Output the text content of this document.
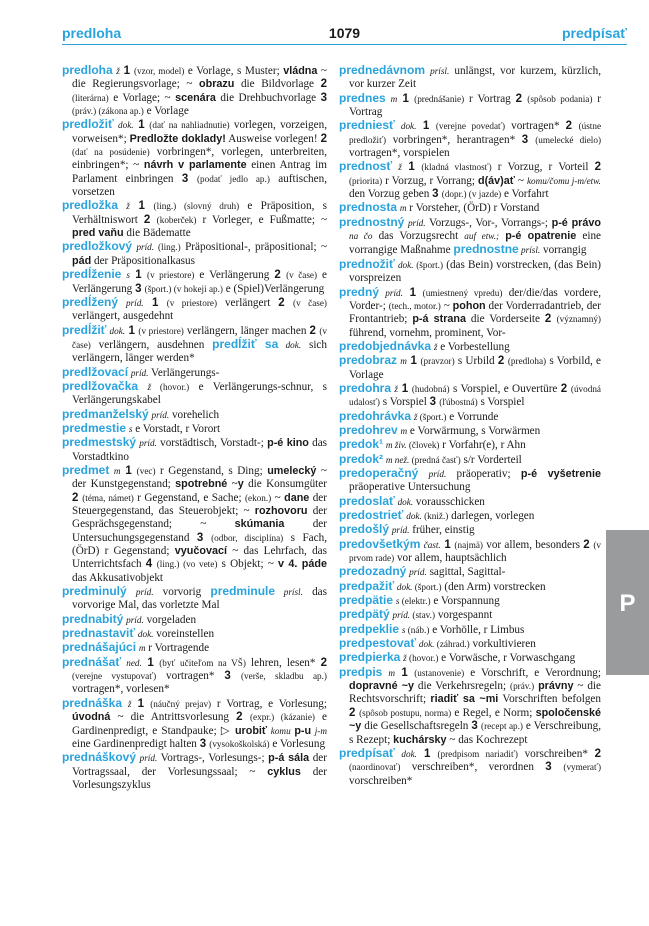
predloha	1079	predpísať

predloha ž 1 (vzor, model) e Vorlage, s Muster; vládna ~ die Regierungsvorlage; ~ obrazu die Bildvorlage 2 (literárna) e Vorlage; ~ scenára die Drehbuchvorlage 3 (práv.) (zákona ap.) e Vorlage

predložiť dok. 1 (dať na nahliadnutie) vorlegen, vorzeigen, vorweisen*; Predložte doklady! Ausweise vorlegen! 2 (dať na posúdenie) vorbringen*, vorlegen, unterbreiten, einbringen*; ~ návrh v parlamente einen Antrag im Parlament einbringen 3 (podať jedlo ap.) auftischen, vorsetzen

predložka ž 1 (ling.) (slovný druh) e Präposition, s Verhältniswort 2 (koberček) r Vorleger, e Fußmatte; ~ pred vaňu die Bädematte

predložkový príd. (ling.) Präpositional-, präpositional; ~ pád der Präpositionalkasus

predĺženie s 1 (v priestore) e Verlängerung 2 (v čase) e Verlängerung 3 (šport.) (v hokeji ap.) e (Spiel)Verlängerung

predĺžený príd. 1 (v priestore) verlängert 2 (v čase) verlängert, ausgedehnt

predĺžiť dok. 1 (v priestore) verlängern, länger machen 2 (v čase) verlängern, ausdehnen predĺžiť sa dok. sich verlängern, länger werden*

predlžovací príd. Verlängerungs-

predlžovačka ž (hovor.) e Verlängerungs-schnur, s Verlängerungskabel

predmanželský príd. vorehelich

predmestie s e Vorstadt, r Vorort

predmestský príd. vorstädtisch, Vorstadt-; p-é kino das Vorstadtkino

predmet m 1 (vec) r Gegenstand, s Ding; umelecký ~ der Kunstgegenstand; spotrebné ~y die Konsumgüter 2 (téma, námet) r Gegenstand, e Sache; (ekon.) ~ dane der Steuergegenstand, das Steuerobjekt; ~ rozhovoru der Gesprächsgegenstand; ~ skúmania der Untersuchungsgegenstand 3 (odbor, disciplína) s Fach, (ÖrD) r Gegenstand; vyučovací ~ das Lehrfach, das Unterrichtsfach 4 (ling.) (vo vete) s Objekt; ~ v 4. páde das Akkusativobjekt

predminulý príd. vorvorig predminule prísl. das vorvorige Mal, das vorletzte Mal

prednabitý príd. vorgeladen

prednastaviť dok. voreinstellen

prednášajúci m r Vortragende

prednášať ned. 1 (byť učiteľom na VŠ) lehren, lesen* 2 (verejne vystupovať) vortragen* 3 (verše, skladbu ap.) vortragen*, vorlesen*

prednáška ž 1 (náučný prejav) r Vortrag, e Vorlesung; úvodná ~ die Antrittsvorlesung 2 (expr.) (kázanie) e Gardinenpredigt, e Standpauke; ▷ urobiť komu p-u j-m eine Gardinenpredigt halten 3 (vysokoškolská) e Vorlesung

prednáškový príd. Vortrags-, Vorlesungs-; p-á sála der Vortragssaal, der Vorlesungssaal; ~ cyklus der Vorlesungszyklus

prednedávnom prísl. unlängst, vor kurzem, kürzlich, vor kurzer Zeit

prednes m 1 (prednášanie) r Vortrag 2 (spôsob podania) r Vortrag

predniesť dok. 1 (verejne povedať) vortragen* 2 (ústne predložiť) vorbringen*, herantragen* 3 (umelecké dielo) vortragen*, vorspielen

prednosť ž 1 (kladná vlastnosť) r Vorzug, r Vorteil 2 (priorita) r Vorzug, r Vorrang; d(áv)ať ~ komu/čomu j-m/etw. den Vorzug geben 3 (dopr.) (v jazde) e Vorfahrt

prednosta m r Vorsteher, (ÖrD) r Vorstand

prednostný príd. Vorzugs-, Vor-, Vorrangs-; p-é právo na čo das Vorzugsrecht auf etw.; p-é opatrenie eine vorrangige Maßnahme prednostne prísl. vorrangig

prednožiť dok. (šport.) (das Bein) vorstrecken, (das Bein) vorspreizen

predný príd. 1 (umiestnený vpredu) der/die/das vordere, Vorder-; (tech., motor.) ~ pohon der Vorderradantrieb, der Frontantrieb; p-á strana die Vorderseite 2 (významný) führend, vornehm, prominent, Vor-

predobjednávka ž e Vorbestellung

predobraz m 1 (pravzor) s Urbild 2 (predloha) s Vorbild, e Vorlage

predohra ž 1 (hudobná) s Vorspiel, e Ouvertüre 2 (úvodná udalosť) s Vorspiel 3 (ľúbostná) s Vorspiel

predohrávka ž (šport.) e Vorrunde

predohrev m e Vorwärmung, s Vorwärmen

predok¹ m živ. (človek) r Vorfahr(e), r Ahn

predok² m než. (predná časť) s/r Vorderteil

predoperačný príd. präoperativ; p-é vyšetrenie präoperative Untersuchung

predoslať dok. vorausschicken

predostrieť dok. (kniž.) darlegen, vorlegen

predošlý príd. früher, einstig

predovšetkým čast. 1 (najmä) vor allem, besonders 2 (v prvom rade) vor allem, hauptsächlich

predozadný príd. sagittal, Sagittal-

predpažiť dok. (šport.) (den Arm) vorstrecken

predpätie s (elektr.) e Vorspannung

predpätý príd. (stav.) vorgespannt

predpeklie s (náb.) e Vorhölle, r Limbus

predpestovať dok. (záhrad.) vorkultivieren

predpierka ž (hovor.) e Vorwäsche, r Vorwaschgang

predpis m 1 (ustanovenie) e Vorschrift, e Verordnung; dopravné ~y die Verkehrsregeln; (práv.) právny ~ die Rechtsvorschrift; riadiť sa ~mi Vorschriften befolgen 2 (spôsob postupu, norma) e Regel, e Norm; spoločenské ~y die Gesellschaftsregeln 3 (recept ap.) e Verschreibung, s Rezept; kuchársky ~ das Kochrezept

predpísať dok. 1 (predpisom nariadiť) vorschreiben* 2 (naordinovať) verschreiben*, verordnen 3 (vymerať) vorschreiben*

P
